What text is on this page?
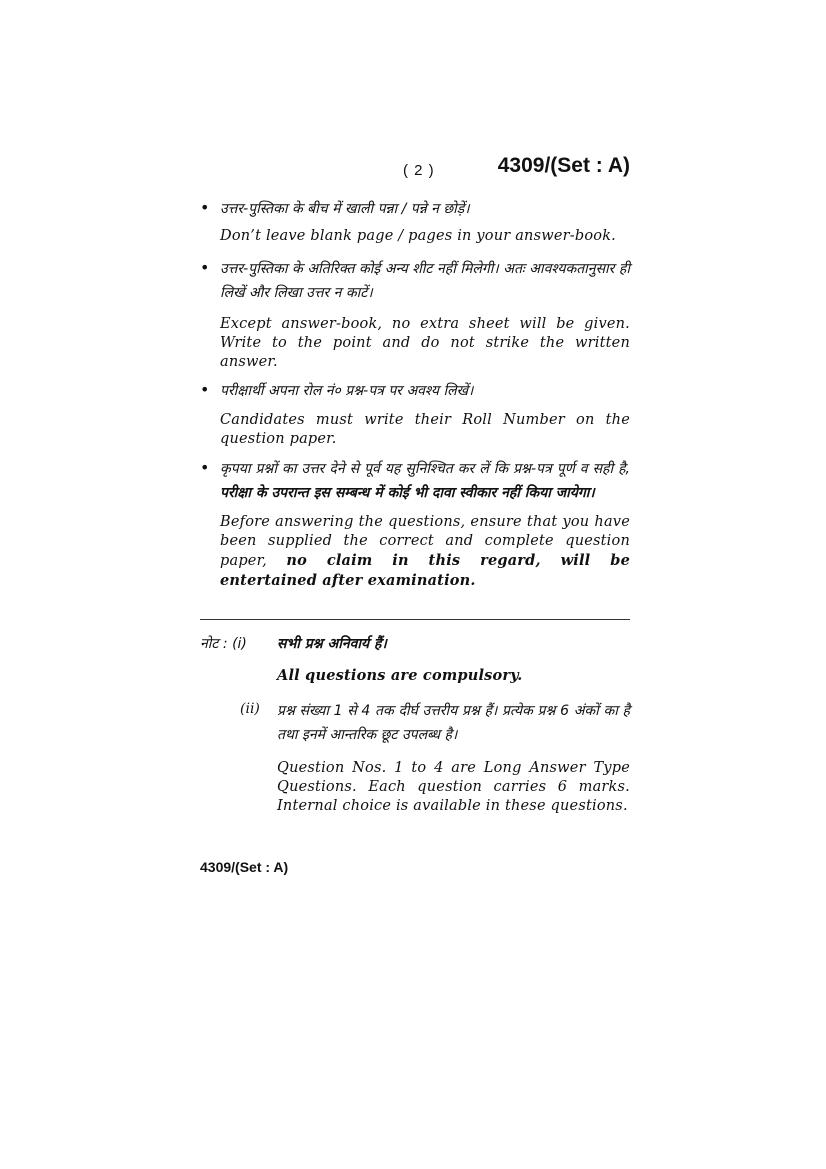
( 2 )	4309/(Set : A)
• उत्तर-पुस्तिका के बीच में खाली पन्ना / पन्ने न छोड़ें।
Don’t leave blank page / pages in your answer-book.
• उत्तर-पुस्तिका के अतिरिक्त कोई अन्य शीट नहीं मिलेगी। अतः आवश्यकतानुसार ही लिखें और लिखा उत्तर न काटें।
Except answer-book, no extra sheet will be given. Write to the point and do not strike the written answer.
• परीक्षार्थी अपना रोल नं० प्रश्न-पत्र पर अवश्य लिखें।
Candidates must write their Roll Number on the question paper.
• कृपया प्रश्नों का उत्तर देने से पूर्व यह सुनिश्चित कर लें कि प्रश्न-पत्र पूर्ण व सही है, परीक्षा के उपरान्त इस सम्बन्ध में कोई भी दावा स्वीकार नहीं किया जायेगा।
Before answering the questions, ensure that you have been supplied the correct and complete question paper, no claim in this regard, will be entertained after examination.
नोट : (i) सभी प्रश्न अनिवार्य हैं।
All questions are compulsory.
(ii) प्रश्न संख्या 1 से 4 तक दीर्घ उत्तरीय प्रश्न हैं। प्रत्येक प्रश्न 6 अंकों का है तथा इनमें आन्तरिक छूट उपलब्ध है।
Question Nos. 1 to 4 are Long Answer Type Questions. Each question carries 6 marks. Internal choice is available in these questions.
4309/(Set : A)
